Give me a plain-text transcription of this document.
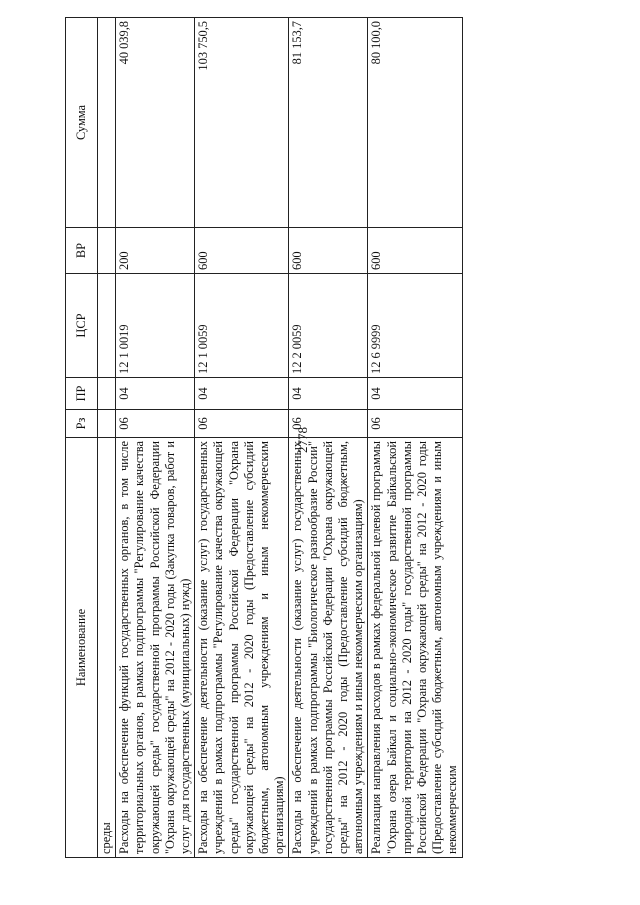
2778
Наименование	Рз	ПР	ЦСР	ВР	Сумма
среды					
Расходы на обеспечение функций государственных органов, в том числе территориальных органов, в рамках подпрограммы "Регулирование качества окружающей среды" государственной программы Российской Федерации "Охрана окружающей среды" на 2012 - 2020 годы (Закупка товаров, работ и услуг для государственных (муниципальных) нужд)	06	04	12 1 0019	200	40 039,8
Расходы на обеспечение деятельности (оказание услуг) государственных учреждений в рамках подпрограммы "Регулирование качества окружающей среды" государственной программы Российской Федерации "Охрана окружающей среды" на 2012 - 2020 годы (Предоставление субсидий бюджетным, автономным учреждениям и иным некоммерческим организациям)	06	04	12 1 0059	600	103 750,5
Расходы на обеспечение деятельности (оказание услуг) государственных учреждений в рамках подпрограммы "Биологическое разнообразие России" государственной программы Российской Федерации "Охрана окружающей среды" на 2012 - 2020 годы (Предоставление субсидий бюджетным, автономным учреждениям и иным некоммерческим организациям)	06	04	12 2 0059	600	81 153,7
Реализация направления расходов в рамках федеральной целевой программы "Охрана озера Байкал и социально-экономическое развитие Байкальской природной территории на 2012 - 2020 годы" государственной программы Российской Федерации "Охрана окружающей среды" на 2012 - 2020 годы (Предоставление субсидий бюджетным, автономным учреждениям и иным некоммерческим	06	04	12 6 9999	600	80 100,0
